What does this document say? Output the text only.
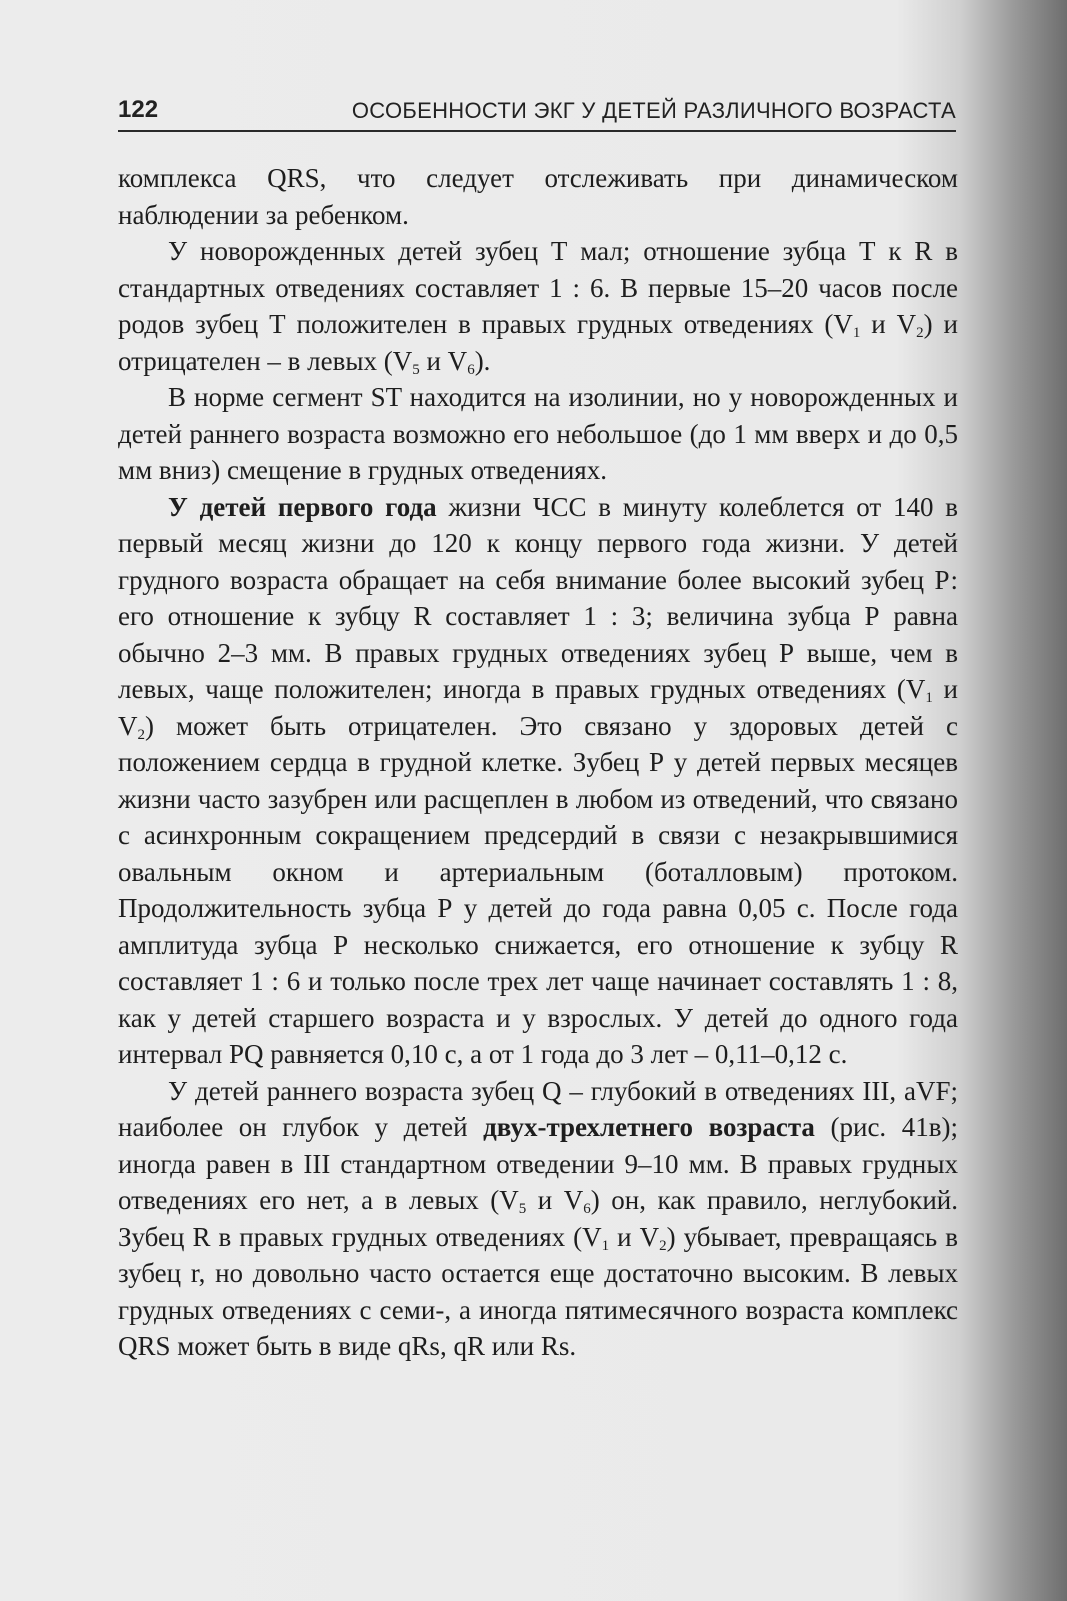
122	ОСОБЕННОСТИ ЭКГ У ДЕТЕЙ РАЗЛИЧНОГО ВОЗРАСТА

комплекса QRS, что следует отслеживать при динамическом наблюдении за ребенком.

У новорожденных детей зубец Т мал; отношение зубца Т к R в стандартных отведениях составляет 1 : 6. В первые 15–20 часов после родов зубец Т положителен в правых грудных отведениях ($V_1$ и $V_2$) и отрицателен – в левых ($V_5$ и $V_6$).

В норме сегмент ST находится на изолинии, но у новорожденных и детей раннего возраста возможно его небольшое (до 1 мм вверх и до 0,5 мм вниз) смещение в грудных отведениях.

У детей первого года жизни ЧСС в минуту колеблется от 140 в первый месяц жизни до 120 к концу первого года жизни. У детей грудного возраста обращает на себя внимание более высокий зубец Р: его отношение к зубцу R составляет 1 : 3; величина зубца Р равна обычно 2–3 мм. В правых грудных отведениях зубец Р выше, чем в левых, чаще положителен; иногда в правых грудных отведениях ($V_1$ и $V_2$) может быть отрицателен. Это связано у здоровых детей с положением сердца в грудной клетке. Зубец Р у детей первых месяцев жизни часто зазубрен или расщеплен в любом из отведений, что связано с асинхронным сокращением предсердий в связи с незакрывшимися овальным окном и артериальным (боталловым) протоком. Продолжительность зубца Р у детей до года равна 0,05 с. После года амплитуда зубца Р несколько снижается, его отношение к зубцу R составляет 1 : 6 и только после трех лет чаще начинает составлять 1 : 8, как у детей старшего возраста и у взрослых. У детей до одного года интервал PQ равняется 0,10 с, а от 1 года до 3 лет – 0,11–0,12 с.

У детей раннего возраста зубец Q – глубокий в отведениях III, aVF; наиболее он глубок у детей двух-трехлетнего возраста (рис. 41в); иногда равен в III стандартном отведении 9–10 мм. В правых грудных отведениях его нет, а в левых ($V_5$ и $V_6$) он, как правило, неглубокий. Зубец R в правых грудных отведениях ($V_1$ и $V_2$) убывает, превращаясь в зубец r, но довольно часто остается еще достаточно высоким. В левых грудных отведениях с семи-, а иногда пятимесячного возраста комплекс QRS может быть в виде qRs, qR или Rs.
